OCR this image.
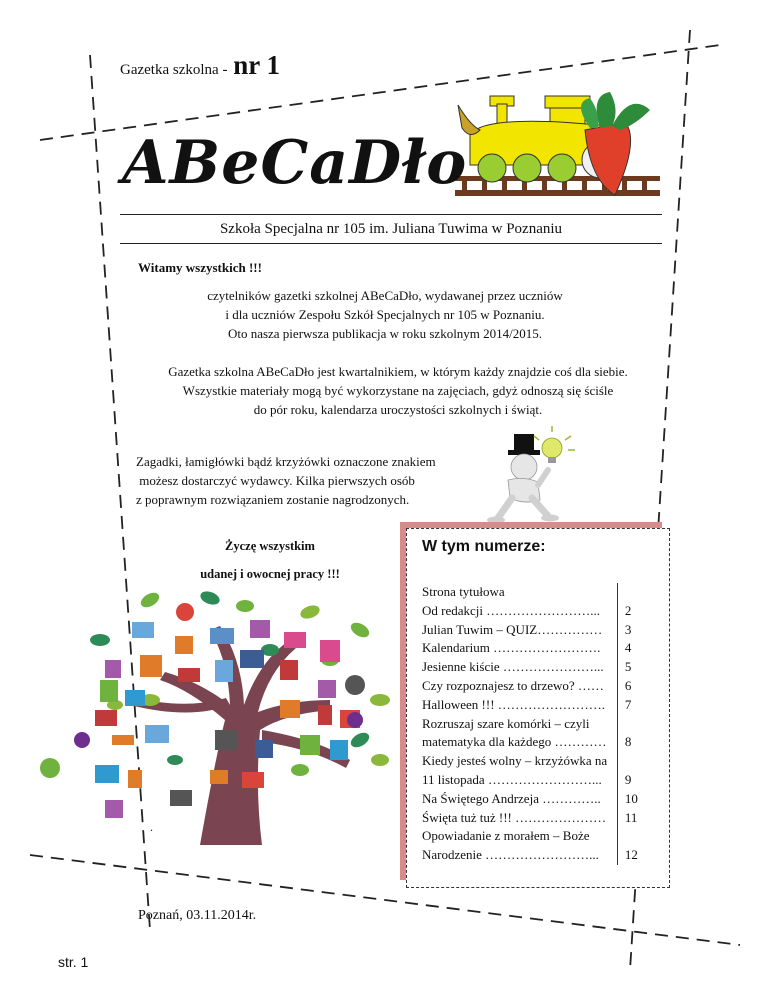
Gazetka szkolna - nr 1
ABeCaDło
Szkoła Specjalna nr 105 im. Juliana Tuwima w Poznaniu
Witamy wszystkich !!!
czytelników gazetki szkolnej ABeCaDło, wydawanej przez uczniów
i dla uczniów Zespołu Szkół Specjalnych nr 105 w Poznaniu.
Oto nasza pierwsza publikacja w roku szkolnym 2014/2015.
Gazetka szkolna ABeCaDło jest kwartalnikiem, w którym każdy znajdzie coś dla siebie.
Wszystkie materiały mogą być wykorzystane na zajęciach, gdyż odnoszą się ściśle
do pór roku, kalendarza uroczystości szkolnych i świąt.
Zagadki, łamigłówki bądź krzyżówki oznaczone znakiem
możesz dostarczyć wydawcy. Kilka pierwszych osób
z poprawnym rozwiązaniem zostanie nagrodzonych.
Życzę wszystkim
udanej i owocnej pracy !!!
W tym numerze:
Strona tytułowa
Od redakcji ……………………...	2
Julian Tuwim – QUIZ……………	3
Kalendarium …………………….	4
Jesienne kiście …………………...	5
Czy rozpoznajesz to drzewo? ……	6
Halloween !!! …………………….	7
Rozruszaj szare komórki – czyli
matematyka dla każdego …………	8
Kiedy jesteś wolny – krzyżówka na
11 listopada ……………………...	9
Na Świętego Andrzeja …………..	10
Święta tuż tuż !!! …………………	11
Opowiadanie z morałem – Boże
Narodzenie ……………………...	12
.
Poznań, 03.11.2014r.
str. 1
